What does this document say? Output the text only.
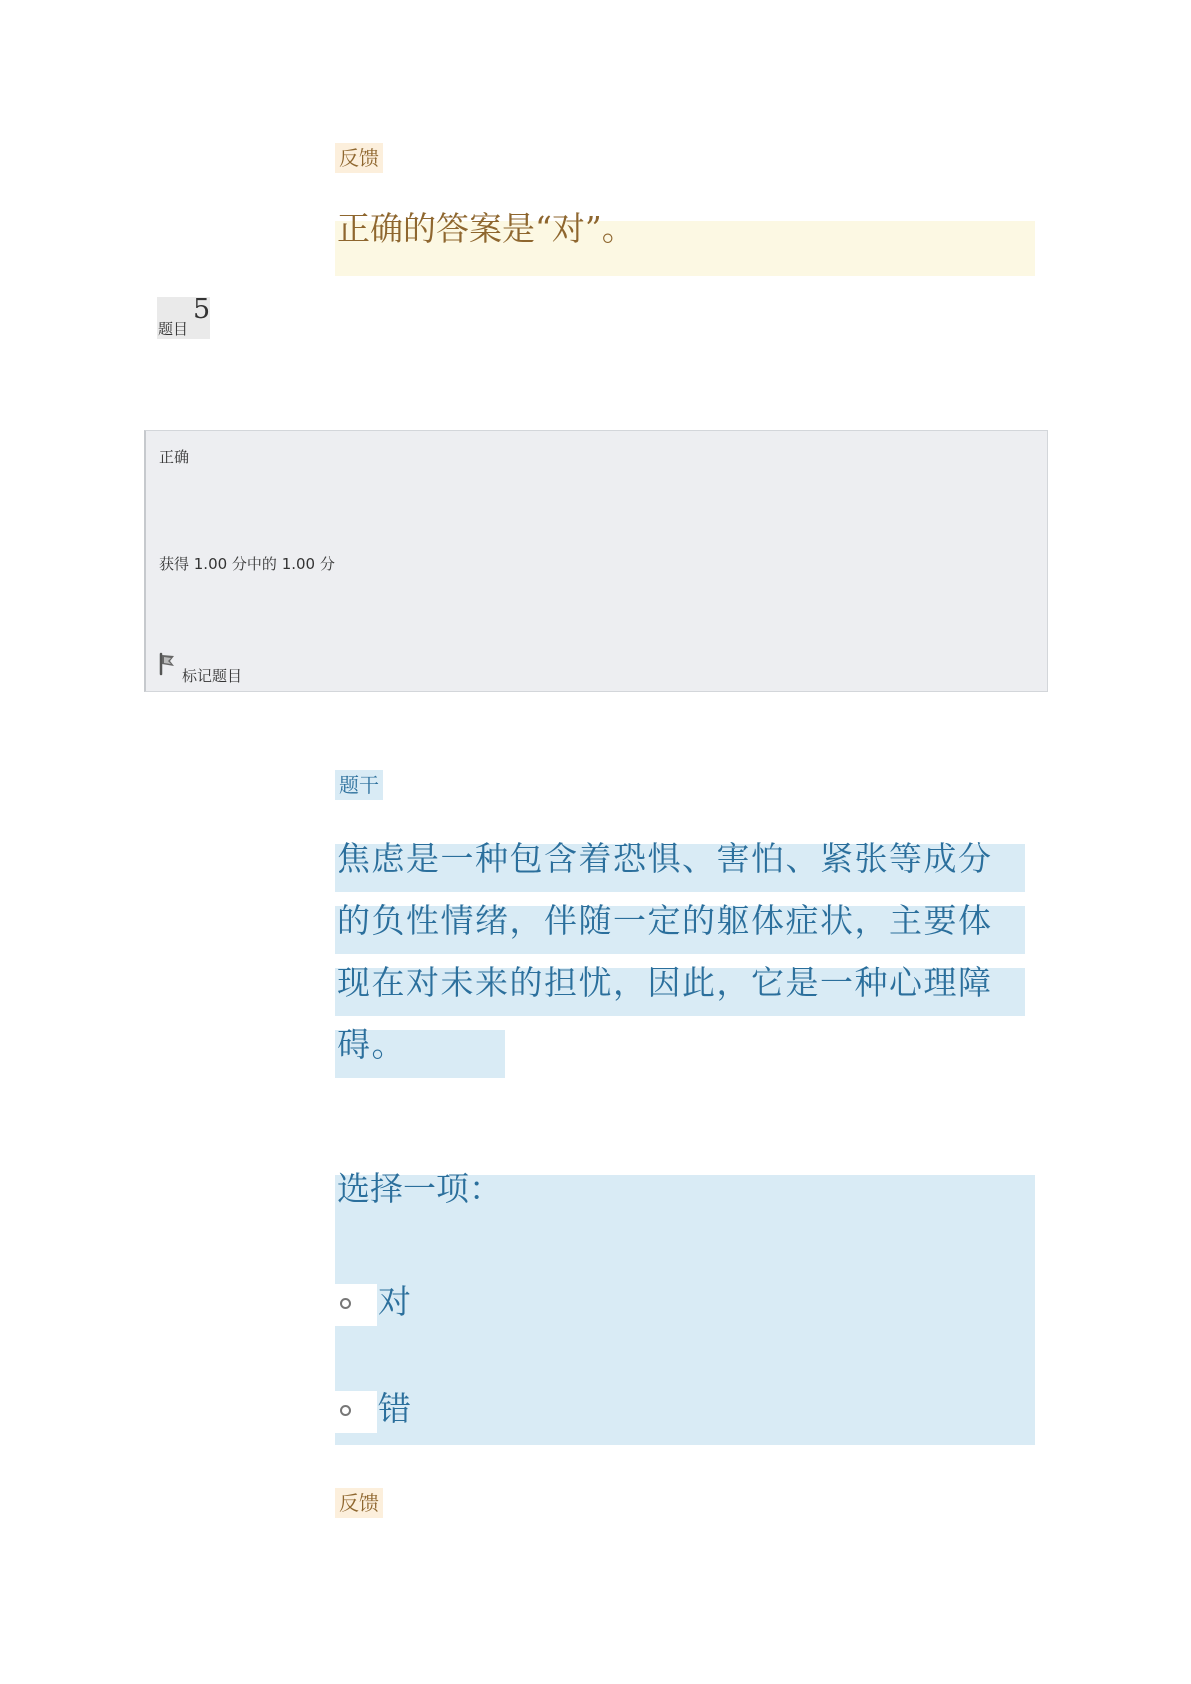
反馈
正确的答案是“对”。
题目
5
正确
获得 1.00 分中的 1.00 分
标记题目
题干
焦虑是一种包含着恐惧、害怕、紧张等成分
的负性情绪，伴随一定的躯体症状，主要体
现在对未来的担忧，因此，它是一种心理障
碍。
选择一项：
对
错
反馈
